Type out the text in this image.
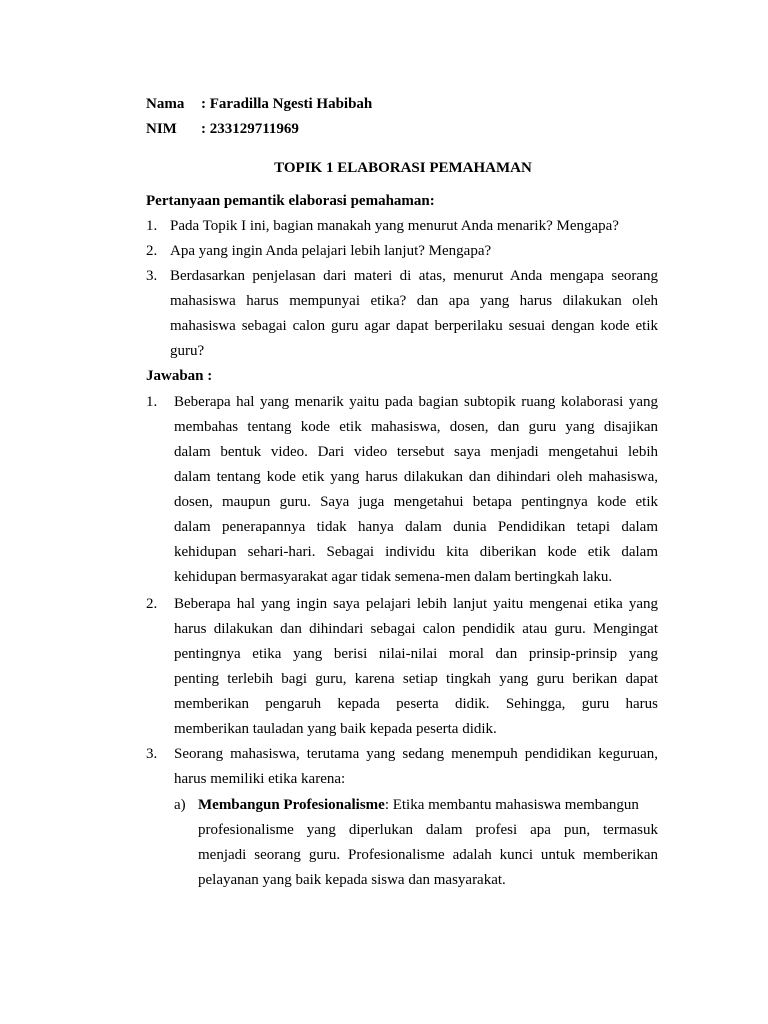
Nama : Faradilla Ngesti Habibah
NIM : 233129711969
TOPIK 1 ELABORASI PEMAHAMAN
Pertanyaan pemantik elaborasi pemahaman:
1. Pada Topik I ini, bagian manakah yang menurut Anda menarik? Mengapa?
2. Apa yang ingin Anda pelajari lebih lanjut? Mengapa?
3. Berdasarkan penjelasan dari materi di atas, menurut Anda mengapa seorang
mahasiswa harus mempunyai etika? dan apa yang harus dilakukan oleh
mahasiswa sebagai calon guru agar dapat berperilaku sesuai dengan kode etik
guru?
Jawaban :
1. Beberapa hal yang menarik yaitu pada bagian subtopik ruang kolaborasi yang
membahas tentang kode etik mahasiswa, dosen, dan guru yang disajikan
dalam bentuk video. Dari video tersebut saya menjadi mengetahui lebih
dalam tentang kode etik yang harus dilakukan dan dihindari oleh mahasiswa,
dosen, maupun guru. Saya juga mengetahui betapa pentingnya kode etik
dalam penerapannya tidak hanya dalam dunia Pendidikan tetapi dalam
kehidupan sehari-hari. Sebagai individu kita diberikan kode etik dalam
kehidupan bermasyarakat agar tidak semena-men dalam bertingkah laku.
2. Beberapa hal yang ingin saya pelajari lebih lanjut yaitu mengenai etika yang
harus dilakukan dan dihindari sebagai calon pendidik atau guru. Mengingat
pentingnya etika yang berisi nilai-nilai moral dan prinsip-prinsip yang
penting terlebih bagi guru, karena setiap tingkah yang guru berikan dapat
memberikan pengaruh kepada peserta didik. Sehingga, guru harus
memberikan tauladan yang baik kepada peserta didik.
3. Seorang mahasiswa, terutama yang sedang menempuh pendidikan keguruan,
harus memiliki etika karena:
a) Membangun Profesionalisme: Etika membantu mahasiswa membangun
profesionalisme yang diperlukan dalam profesi apa pun, termasuk
menjadi seorang guru. Profesionalisme adalah kunci untuk memberikan
pelayanan yang baik kepada siswa dan masyarakat.
